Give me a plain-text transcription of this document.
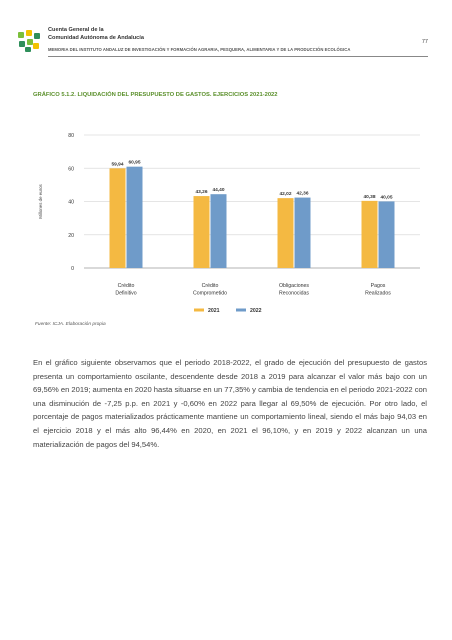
Cuenta General de la
Comunidad Autónoma de Andalucía
77
MEMORIA DEL INSTITUTO ANDALUZ DE INVESTIGACIÓN Y FORMACIÓN AGRARIA, PESQUERA, ALIMENTARIA Y DE LA PRODUCCIÓN ECOLÓGICA
GRÁFICO 5.1.2. LIQUIDACIÓN DEL PRESUPUESTO DE GASTOS. EJERCICIOS 2021-2022
0
20
40
60
80
Millones de euros
59,94 60,95
Crédito
Definitivo
43,26 44,40
Crédito
Comprometido
42,02 42,36
Obligaciones
Reconocidas
40,38 40,05
Pagos
Realizados
2021	2022
Fuente: ICJA. Elaboración propia
En el gráfico siguiente observamos que el periodo 2018-2022, el grado de ejecución del presupuesto de gastos presenta un comportamiento oscilante, descendente desde 2018 a 2019 para alcanzar el valor más bajo con un 69,56% en 2019; aumenta en 2020 hasta situarse en un 77,35% y cambia de tendencia en el periodo 2021-2022 con una disminución de -7,25 p.p. en 2021 y -0,60% en 2022 para llegar al 69,50% de ejecución. Por otro lado, el porcentaje de pagos materializados prácticamente mantiene un comportamiento lineal, siendo el más bajo 94,03 en el ejercicio 2018 y el más alto 96,44% en 2020, en 2021 el 96,10%, y en 2019 y 2022 alcanzan un una materialización de pagos del 94,54%.
